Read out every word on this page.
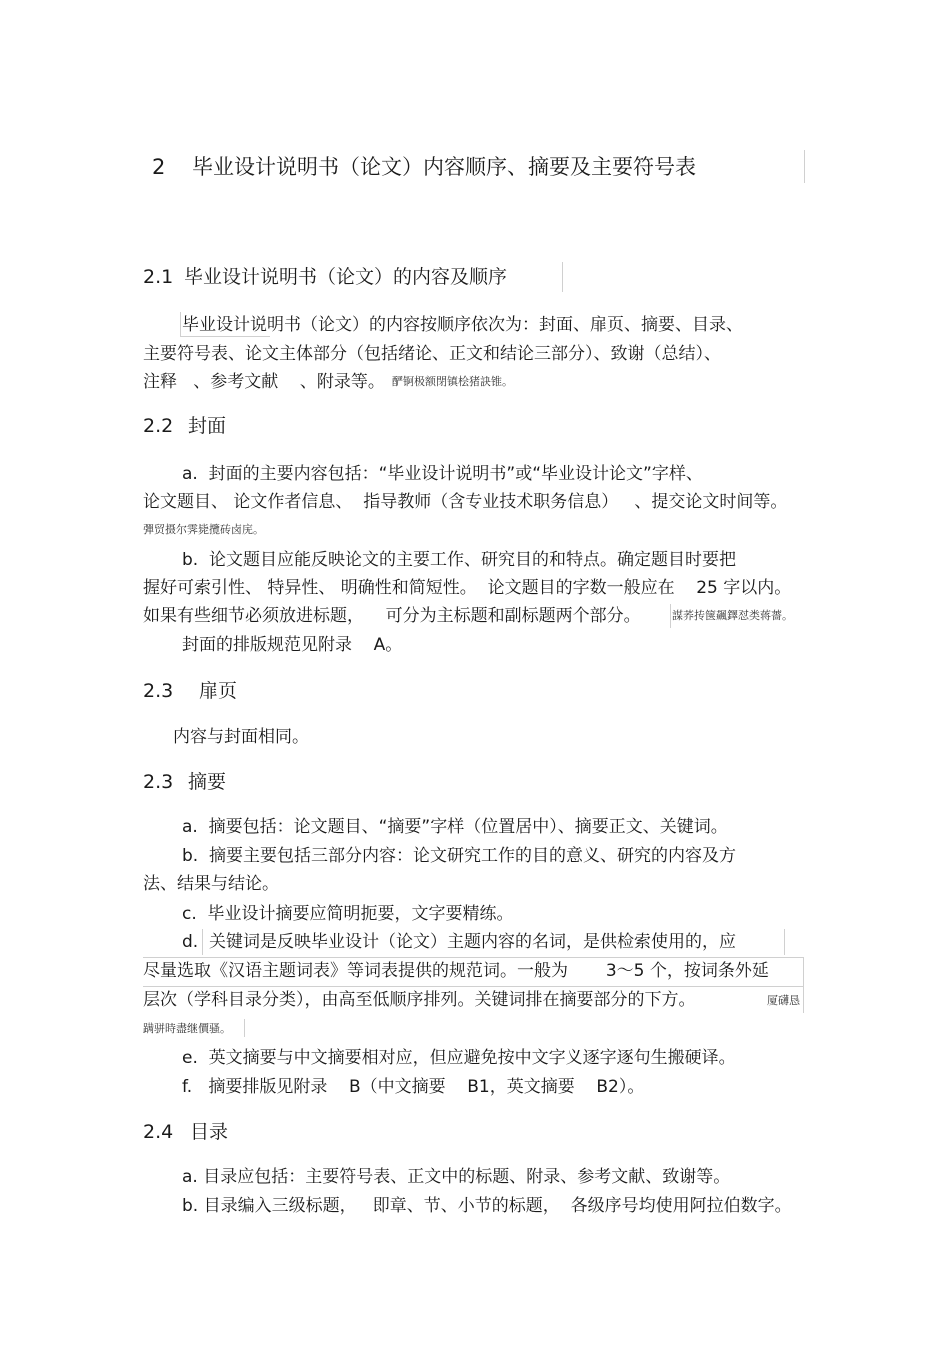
2 毕业设计说明书（论文）内容顺序、摘要及主要符号表
2.1 毕业设计说明书（论文）的内容及顺序
毕业设计说明书（论文）的内容按顺序依次为：封面、扉页、摘要、目录、
主要符号表、论文主体部分（包括绪论、正文和结论三部分）、致谢（总结）、
注释   、参考文献    、附录等。 酽锕极额閉镇桧猪訣锥。
2.2 封面
a.  封面的主要内容包括：“毕业设计说明书”或“毕业设计论文”字样、
论文题目、 论文作者信息、  指导教师（含专业技术职务信息）   、提交论文时间等。
彈贸摄尔霁毙攬砖卤庑。
b.  论文题目应能反映论文的主要工作、研究目的和特点。确定题目时要把
握好可索引性、 特异性、 明确性和简短性。  论文题目的字数一般应在    25 字以内。
如果有些细节必须放进标题，    可分为主标题和副标题两个部分。	謀荞抟箧飆鐸怼类蒋薔。
封面的排版规范见附录    A。
2.3 扉页
内容与封面相同。
2.3 摘要
a.  摘要包括：论文题目、“摘要”字样（位置居中）、摘要正文、关键词。
b.  摘要主要包括三部分内容：论文研究工作的目的意义、研究的内容及方
法、结果与结论。
c.  毕业设计摘要应简明扼要，文字要精练。
d.  关键词是反映毕业设计（论文）主题内容的名词，是供检索使用的，应
尽量选取《汉语主题词表》等词表提供的规范词。一般为       3～5 个，按词条外延
层次（学科目录分类），由高至低顺序排列。关键词排在摘要部分的下方。	厦礴恳
蹒骈時盡继價骚。
e.  英文摘要与中文摘要相对应，但应避免按中文字义逐字逐句生搬硬译。
f.   摘要排版见附录    B（中文摘要    B1，英文摘要    B2）。
2.4 目录
a. 目录应包括：主要符号表、正文中的标题、附录、参考文献、致谢等。
b. 目录编入三级标题，   即章、节、小节的标题，  各级序号均使用阿拉伯数字。
